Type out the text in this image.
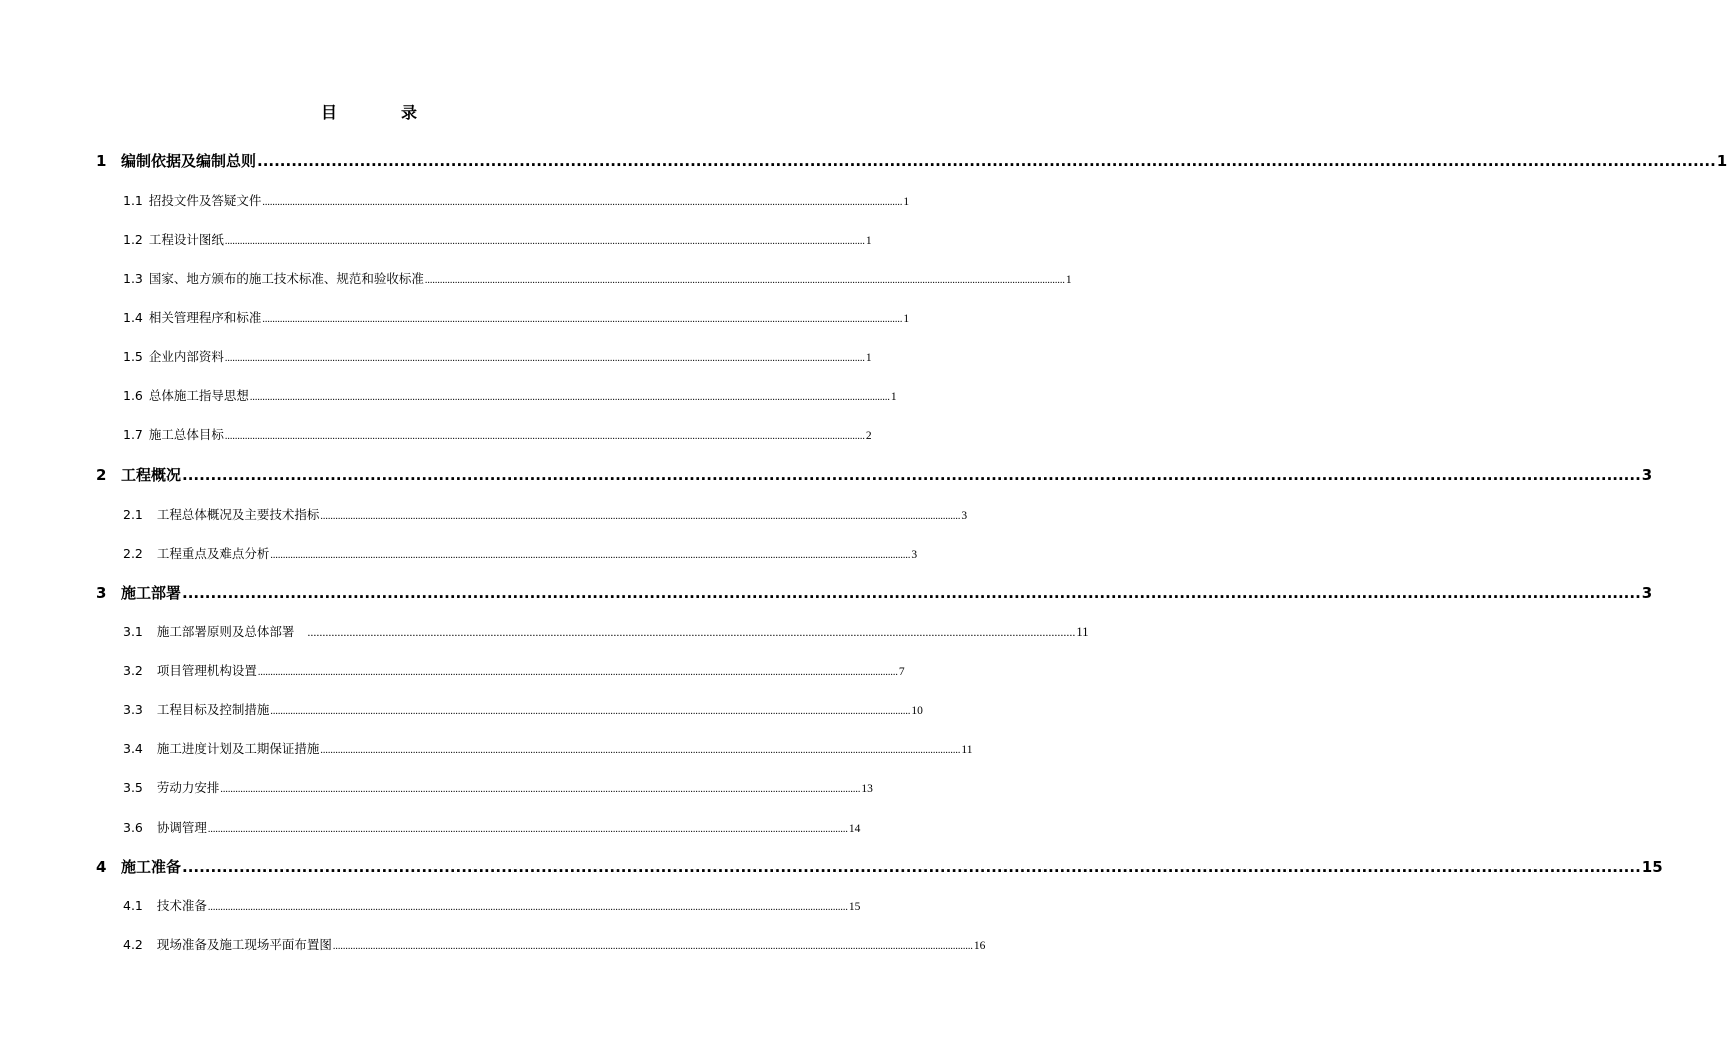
目　录
1 编制依据及编制总则 ................................................................................................................................................................................................................................................................ 1
1.1 招投文件及答疑文件 ................................................................................................................................................................................................................................................................ 1
1.2 工程设计图纸 ................................................................................................................................................................................................................................................................ 1
1.3 国家、地方颁布的施工技术标准、规范和验收标准 ................................................................................................................................................................................................................................................................ 1
1.4 相关管理程序和标准 ................................................................................................................................................................................................................................................................ 1
1.5 企业内部资料 ................................................................................................................................................................................................................................................................ 1
1.6 总体施工指导思想 ................................................................................................................................................................................................................................................................ 1
1.7 施工总体目标 ................................................................................................................................................................................................................................................................ 2
2 工程概况 ................................................................................................................................................................................................................................................................ 3
2.1 工程总体概况及主要技术指标 ................................................................................................................................................................................................................................................................ 3
2.2 工程重点及难点分析 ................................................................................................................................................................................................................................................................ 3
3 施工部署 ................................................................................................................................................................................................................................................................ 3
3.1 施工部署原则及总体部署 ................................................................................................................................................................................................................................................................ 11
3.2 项目管理机构设置 ................................................................................................................................................................................................................................................................ 7
3.3 工程目标及控制措施 ................................................................................................................................................................................................................................................................ 10
3.4 施工进度计划及工期保证措施 ................................................................................................................................................................................................................................................................ 11
3.5 劳动力安排 ................................................................................................................................................................................................................................................................ 13
3.6 协调管理 ................................................................................................................................................................................................................................................................ 14
4 施工准备 ................................................................................................................................................................................................................................................................ 15
4.1 技术准备 ................................................................................................................................................................................................................................................................ 15
4.2 现场准备及施工现场平面布置图 ................................................................................................................................................................................................................................................................ 16
